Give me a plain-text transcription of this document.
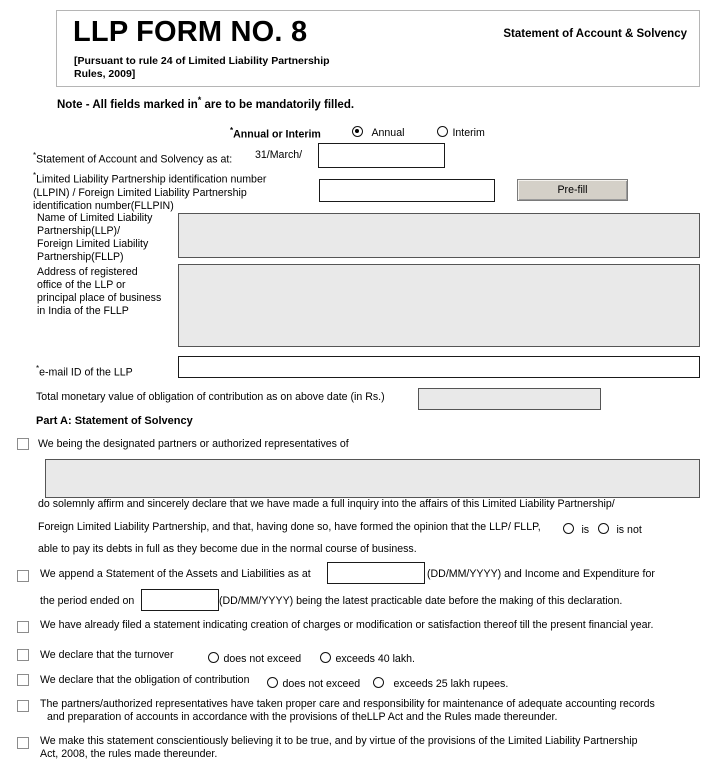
LLP FORM NO. 8
[Pursuant to rule 24 of Limited Liability Partnership Rules, 2009]
Statement of Account & Solvency
Note - All fields marked in* are to be mandatorily filled.
*Annual or Interim	Annual	Interim
*Statement of Account and Solvency as at: 31/March/
*Limited Liability Partnership identification number
(LLPIN) / Foreign Limited Liability Partnership
identification number(FLLPIN)
Pre-fill
Name of Limited Liability
Partnership(LLP)/
Foreign Limited Liability
Partnership(FLLP)
Address of registered
office of the LLP or
principal place of business
in India of the FLLP
*e-mail ID of the LLP
Total monetary value of obligation of contribution as on above date (in Rs.)
Part A: Statement of Solvency
We being the designated partners or authorized representatives of
do solemnly affirm and sincerely declare that we have made a full inquiry into the affairs of this Limited Liability Partnership/
Foreign Limited Liability Partnership, and that, having done so, have formed the opinion that the LLP/ FLLP,	is	is not
able to pay its debts in full as they become due in the normal course of business.
We append a Statement of the Assets and Liabilities as at	(DD/MM/YYYY) and Income and Expenditure for
the period ended on	(DD/MM/YYYY) being the latest practicable date before the making of this declaration.
We have already filed a statement indicating creation of charges or modification or satisfaction thereof till the present financial year.
We declare that the turnover	does not exceed	exceeds 40 lakh.
We declare that the obligation of contribution	does not exceed	exceeds 25 lakh rupees.
The partners/authorized representatives have taken proper care and responsibility for maintenance of adequate accounting records
and preparation of accounts in accordance with the provisions of theLLP Act and the Rules made thereunder.
We make this statement conscientiously believing it to be true, and by virtue of the provisions of the Limited Liability Partnership
Act, 2008, the rules made thereunder.
